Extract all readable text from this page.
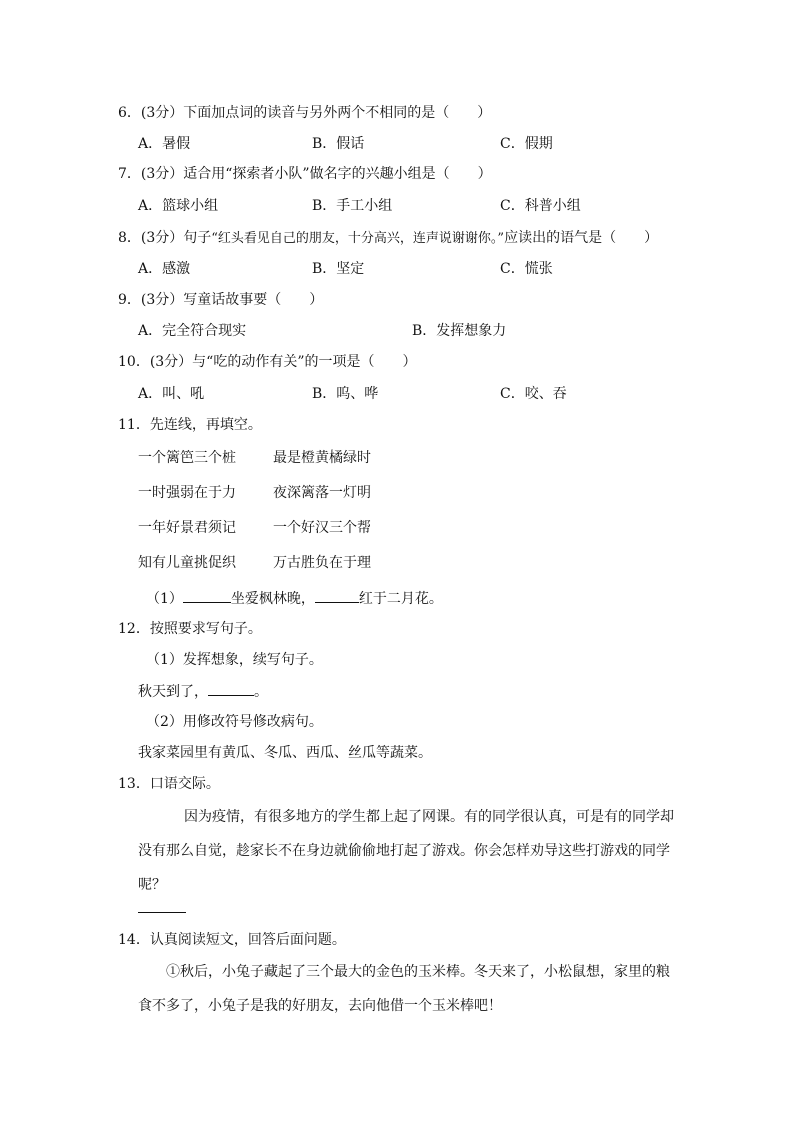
6．(3分）下面加点词的读音与另外两个不相同的是（　　）
A．暑假	B．假话	C．假期
7．(3分）适合用“探索者小队”做名字的兴趣小组是（　　）
A．篮球小组	B．手工小组	C．科普小组
8．(3分）句子“红头看见自己的朋友，十分高兴，连声说谢谢你。”应读出的语气是（　　）
A．感激	B．坚定	C．慌张
9．(3分）写童话故事要（　　）
A．完全符合现实	B．发挥想象力
10．(3分）与“吃的动作有关”的一项是（　　）
A．叫、吼	B．呜、哗	C．咬、吞
11．先连线，再填空。
一个篱笆三个桩	最是橙黄橘绿时
一时强弱在于力	夜深篱落一灯明
一年好景君须记	一个好汉三个帮
知有儿童挑促织	万古胜负在于理
（1）	坐爱枫林晚，	红于二月花。
12．按照要求写句子。
（1）发挥想象，续写句子。
秋天到了，	。
（2）用修改符号修改病句。
我家菜园里有黄瓜、冬瓜、西瓜、丝瓜等蔬菜。
13．口语交际。
因为疫情，有很多地方的学生都上起了网课。有的同学很认真，可是有的同学却没有那么自觉，趁家长不在身边就偷偷地打起了游戏。你会怎样劝导这些打游戏的同学呢？
14．认真阅读短文，回答后面问题。
①秋后，小兔子藏起了三个最大的金色的玉米棒。冬天来了，小松鼠想，家里的粮食不多了，小兔子是我的好朋友，去向他借一个玉米棒吧！
